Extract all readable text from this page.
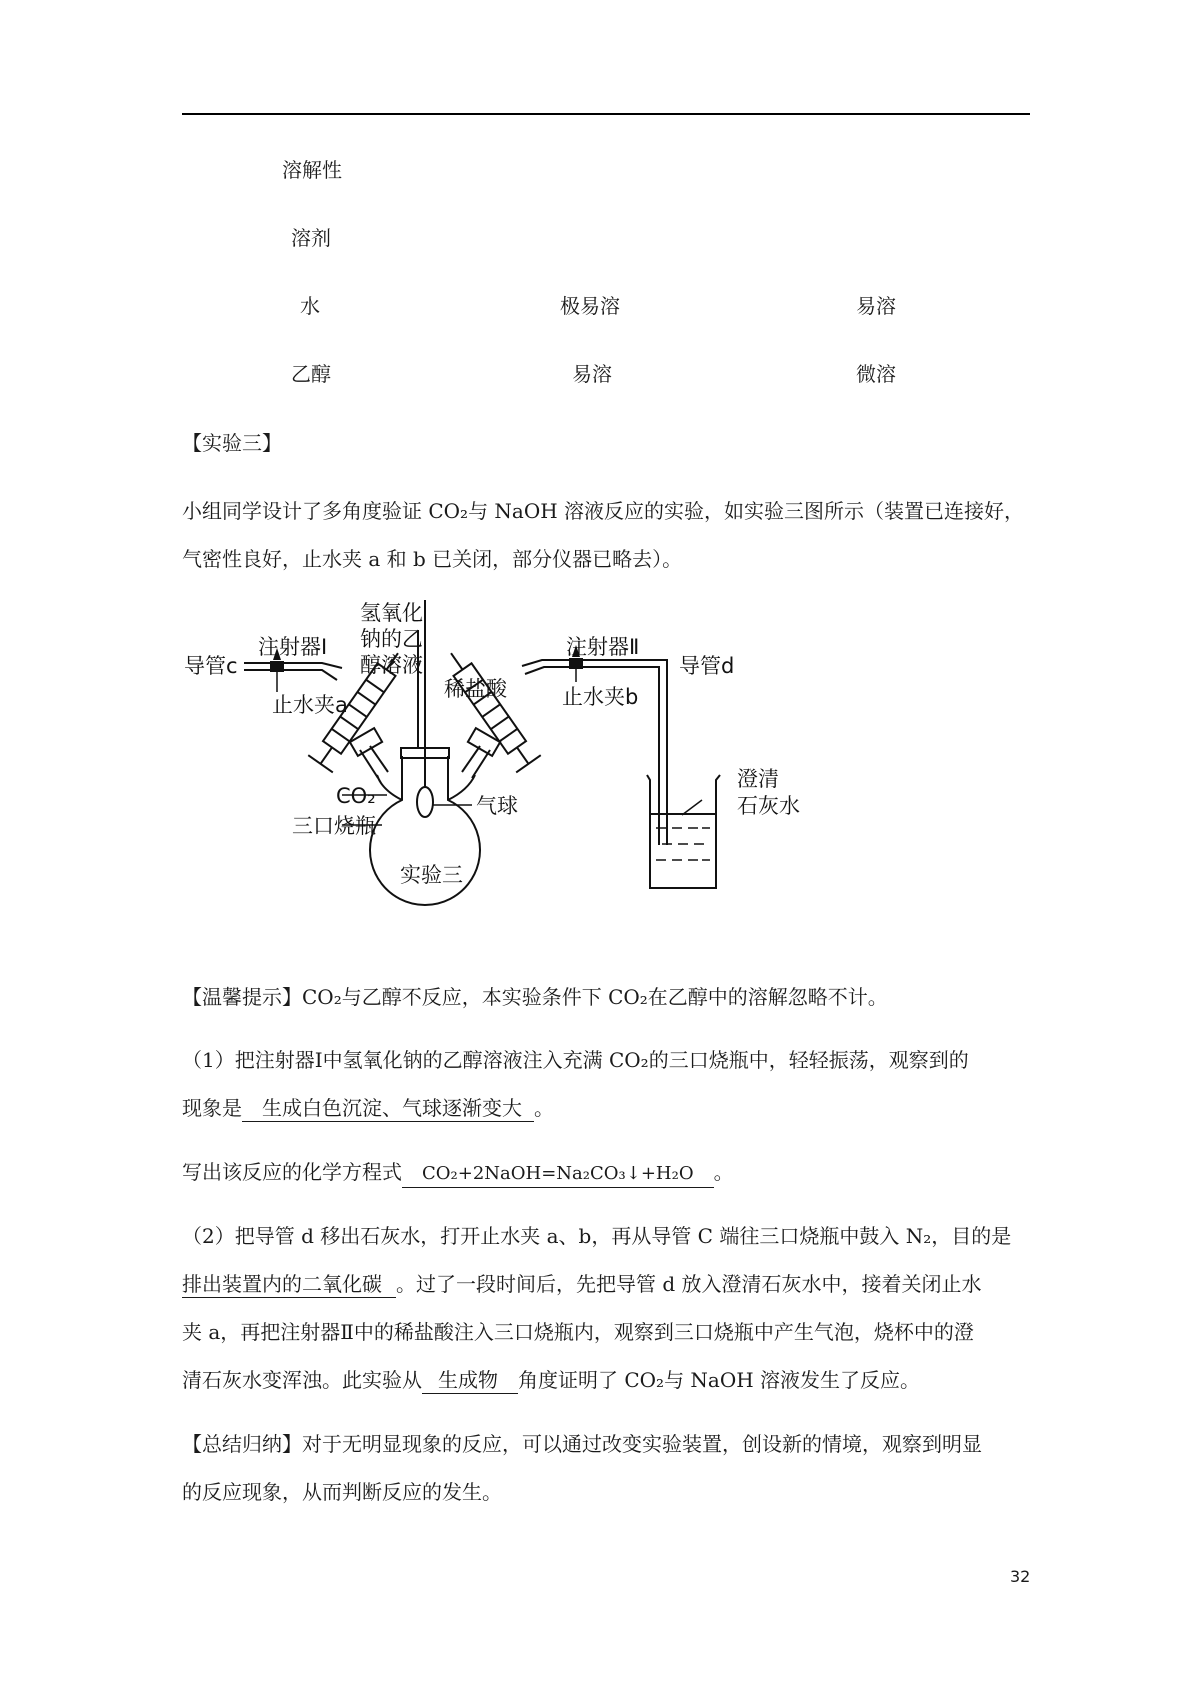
溶解性
溶剂
水	极易溶	易溶
乙醇	易溶	微溶
【实验三】
小组同学设计了多角度验证 CO₂与 NaOH 溶液反应的实验，如实验三图所示（装置已连接好，
气密性良好，止水夹 a 和 b 已关闭，部分仪器已略去）。
氢氧化
钠的乙
醇溶液
注射器Ⅰ	注射器Ⅱ
稀盐酸
导管c	导管d
止水夹a	止水夹b
CO₂
三口烧瓶
气球
澄清
石灰水
实验三
【温馨提示】CO₂与乙醇不反应，本实验条件下 CO₂在乙醇中的溶解忽略不计。
（1）把注射器Ⅰ中氢氧化钠的乙醇溶液注入充满 CO₂的三口烧瓶中，轻轻振荡，观察到的
现象是 生成白色沉淀、气球逐渐变大 。
写出该反应的化学方程式 CO₂+2NaOH=Na₂CO₃↓+H₂O 。
（2）把导管 d 移出石灰水，打开止水夹 a、b，再从导管 C 端往三口烧瓶中鼓入 N₂，目的是
排出装置内的二氧化碳 。过了一段时间后，先把导管 d 放入澄清石灰水中，接着关闭止水
夹 a，再把注射器Ⅱ中的稀盐酸注入三口烧瓶内，观察到三口烧瓶中产生气泡，烧杯中的澄
清石灰水变浑浊。此实验从 生成物 角度证明了 CO₂与 NaOH 溶液发生了反应。
【总结归纳】对于无明显现象的反应，可以通过改变实验装置，创设新的情境，观察到明显
的反应现象，从而判断反应的发生。
32
